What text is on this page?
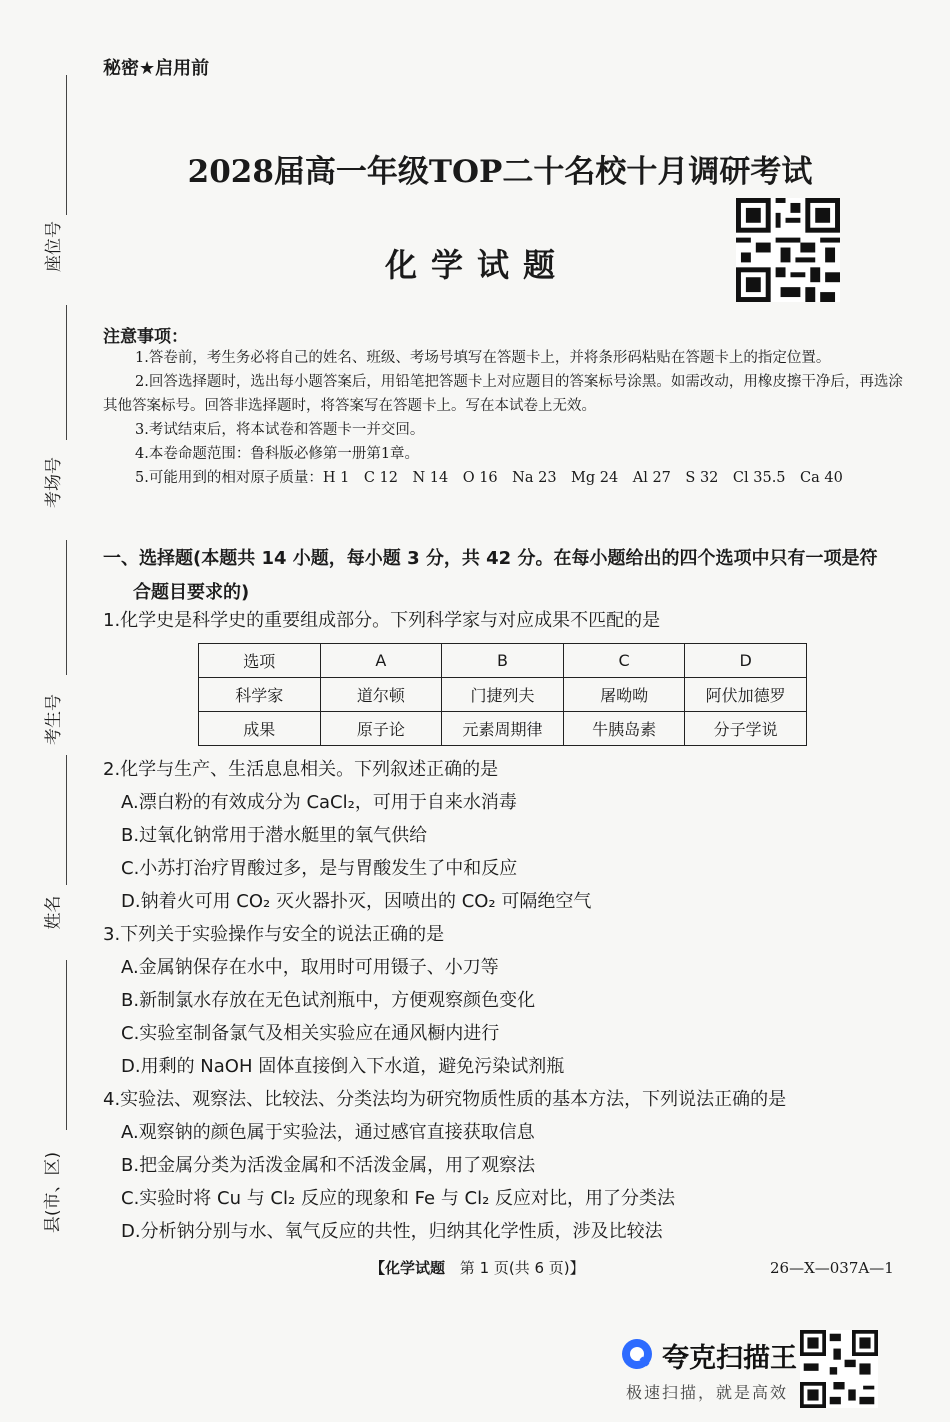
秘密★启用前
2028届高一年级TOP二十名校十月调研考试
化学试题
座位号
考场号
考生号
姓名
县(市、区)
注意事项：

1.答卷前，考生务必将自己的姓名、班级、考场号填写在答题卡上，并将条形码粘贴在答题卡上的指定位置。

2.回答选择题时，选出每小题答案后，用铅笔把答题卡上对应题目的答案标号涂黑。如需改动，用橡皮擦干净后，再选涂其他答案标号。回答非选择题时，将答案写在答题卡上。写在本试卷上无效。

3.考试结束后，将本试卷和答题卡一并交回。

4.本卷命题范围：鲁科版必修第一册第1章。

5.可能用到的相对原子质量：H 1　C 12　N 14　O 16　Na 23　Mg 24　Al 27　S 32　Cl 35.5　Ca 40

一、选择题(本题共 14 小题，每小题 3 分，共 42 分。在每小题给出的四个选项中只有一项是符
合题目要求的)
1.化学史是科学史的重要组成部分。下列科学家与对应成果不匹配的是
选项	A	B	C	D
科学家	道尔顿	门捷列夫	屠呦呦	阿伏加德罗
成果	原子论	元素周期律	牛胰岛素	分子学说
2.化学与生产、生活息息相关。下列叙述正确的是
A.漂白粉的有效成分为 CaCl₂，可用于自来水消毒
B.过氧化钠常用于潜水艇里的氧气供给
C.小苏打治疗胃酸过多，是与胃酸发生了中和反应
D.钠着火可用 CO₂ 灭火器扑灭，因喷出的 CO₂ 可隔绝空气
3.下列关于实验操作与安全的说法正确的是
A.金属钠保存在水中，取用时可用镊子、小刀等
B.新制氯水存放在无色试剂瓶中，方便观察颜色变化
C.实验室制备氯气及相关实验应在通风橱内进行
D.用剩的 NaOH 固体直接倒入下水道，避免污染试剂瓶
4.实验法、观察法、比较法、分类法均为研究物质性质的基本方法，下列说法正确的是
A.观察钠的颜色属于实验法，通过感官直接获取信息
B.把金属分类为活泼金属和不活泼金属，用了观察法
C.实验时将 Cu 与 Cl₂ 反应的现象和 Fe 与 Cl₂ 反应对比，用了分类法
D.分析钠分别与水、氧气反应的共性，归纳其化学性质，涉及比较法
【化学试题 第 1 页(共 6 页)】	26—X—037A—1
夸克扫描王
极速扫描，就是高效
